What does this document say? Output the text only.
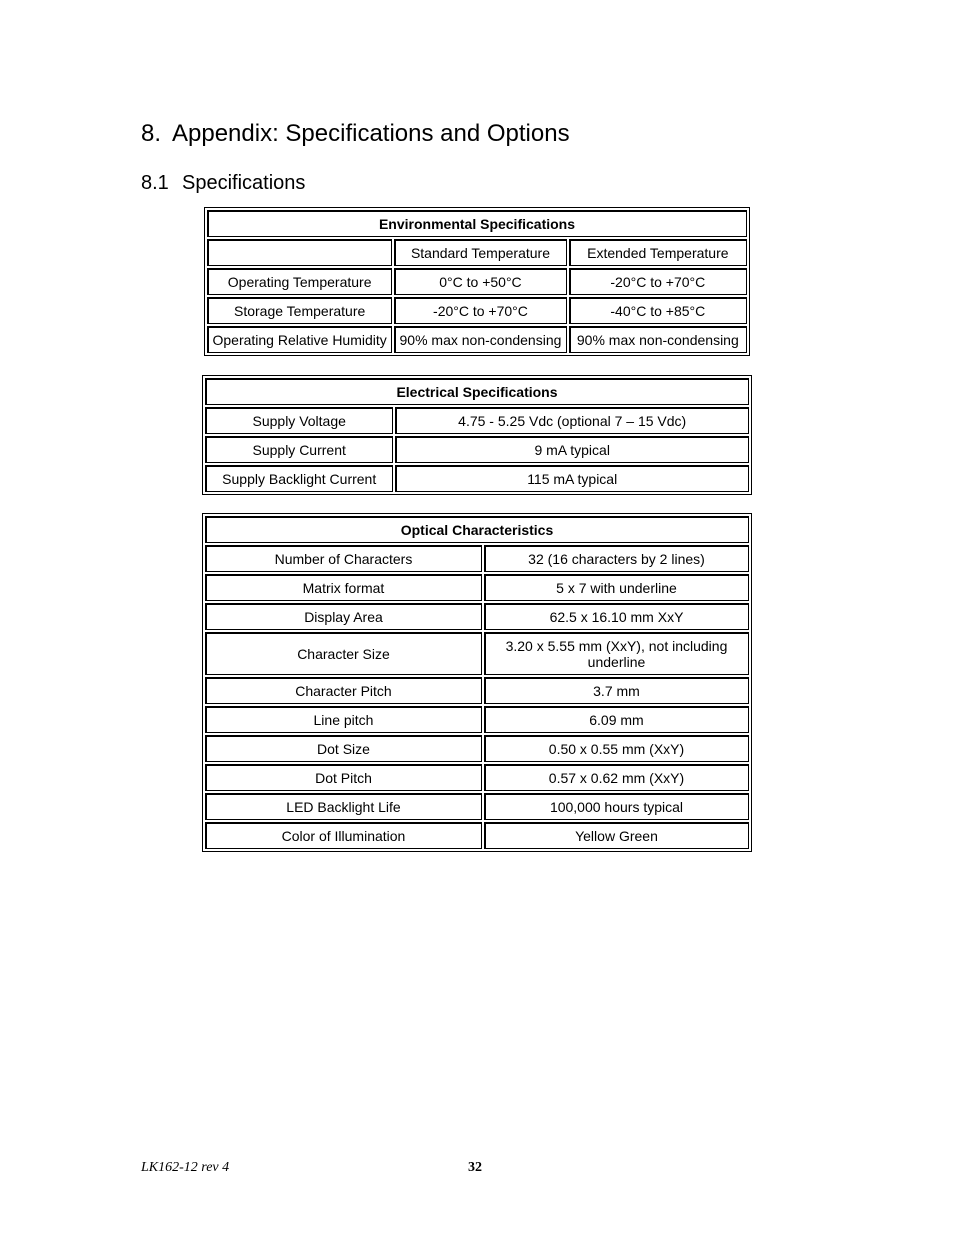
8. Appendix: Specifications and Options
8.1 Specifications
Environmental Specifications		
	Standard Temperature	Extended Temperature
Operating Temperature	0°C to +50°C	-20°C to +70°C
Storage Temperature	-20°C to +70°C	-40°C to +85°C
Operating Relative Humidity	90% max non-condensing	90% max non-condensing
Electrical Specifications	
Supply Voltage	4.75 - 5.25 Vdc (optional 7 – 15 Vdc)
Supply Current	9 mA typical
Supply Backlight Current	115 mA typical
Optical Characteristics	
Number of Characters	32 (16 characters by 2 lines)
Matrix format	5 x 7 with underline
Display Area	62.5 x 16.10 mm XxY
Character Size	3.20 x 5.55 mm (XxY), not including underline
Character Pitch	3.7 mm
Line pitch	6.09 mm
Dot Size	0.50 x 0.55 mm (XxY)
Dot Pitch	0.57 x 0.62 mm (XxY)
LED Backlight Life	100,000 hours typical
Color of Illumination	Yellow Green
LK162-12 rev 4	32
